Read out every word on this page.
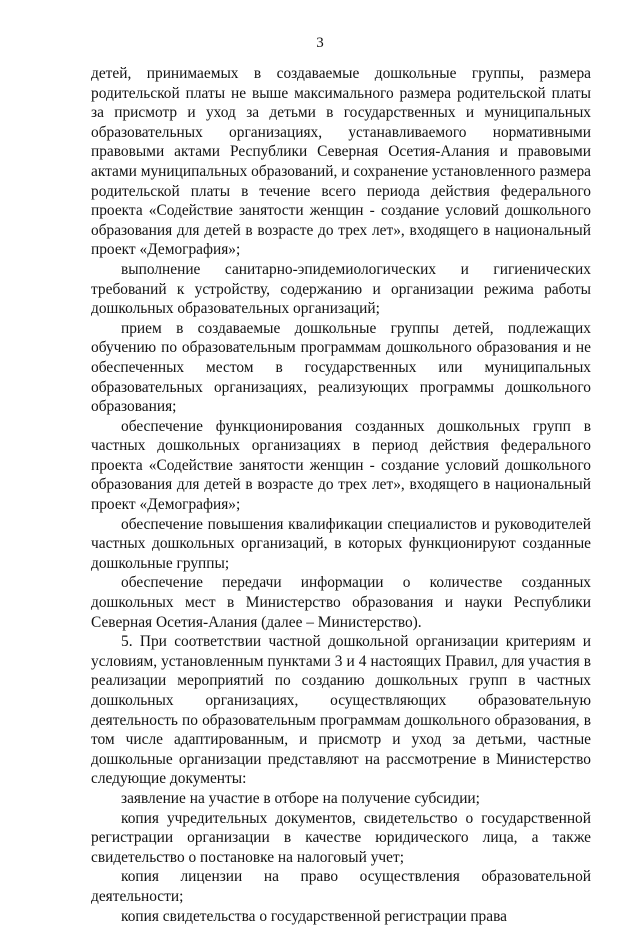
3

детей, принимаемых в создаваемые дошкольные группы, размера родительской платы не выше максимального размера родительской платы за присмотр и уход за детьми в государственных и муниципальных образовательных организациях, устанавливаемого нормативными правовыми актами Республики Северная Осетия-Алания и правовыми актами муниципальных образований, и сохранение установленного размера родительской платы в течение всего периода действия федерального проекта «Содействие занятости женщин - создание условий дошкольного образования для детей в возрасте до трех лет», входящего в национальный проект «Демография»;

выполнение санитарно-эпидемиологических и гигиенических требований к устройству, содержанию и организации режима работы дошкольных образовательных организаций;

прием в создаваемые дошкольные группы детей, подлежащих обучению по образовательным программам дошкольного образования и не обеспеченных местом в государственных или муниципальных образовательных организациях, реализующих программы дошкольного образования;

обеспечение функционирования созданных дошкольных групп в частных дошкольных организациях в период действия федерального проекта «Содействие занятости женщин - создание условий дошкольного образования для детей в возрасте до трех лет», входящего в национальный проект «Демография»;

обеспечение повышения квалификации специалистов и руководителей частных дошкольных организаций, в которых функционируют созданные дошкольные группы;

обеспечение передачи информации о количестве созданных дошкольных мест в Министерство образования и науки Республики Северная Осетия-Алания (далее – Министерство).

5. При соответствии частной дошкольной организации критериям и условиям, установленным пунктами 3 и 4 настоящих Правил, для участия в реализации мероприятий по созданию дошкольных групп в частных дошкольных организациях, осуществляющих образовательную деятельность по образовательным программам дошкольного образования, в том числе адаптированным, и присмотр и уход за детьми, частные дошкольные организации представляют на рассмотрение в Министерство следующие документы:

заявление на участие в отборе на получение субсидии;

копия учредительных документов, свидетельство о государственной регистрации организации в качестве юридического лица, а также свидетельство о постановке на налоговый учет;

копия лицензии на право осуществления образовательной деятельности;

копия свидетельства о государственной регистрации права
